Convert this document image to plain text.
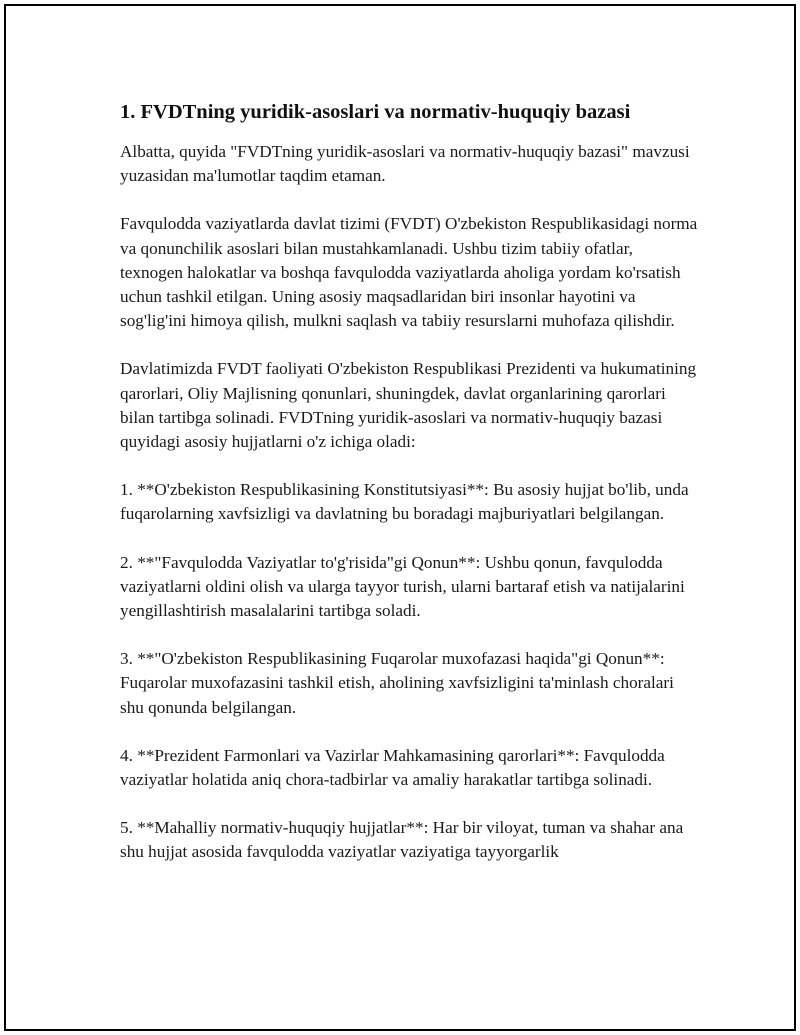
1. FVDTning yuridik-asoslari va normativ-huquqiy bazasi

Albatta, quyida "FVDTning yuridik-asoslari va normativ-huquqiy bazasi" mavzusi yuzasidan ma'lumotlar taqdim etaman.

Favqulodda vaziyatlarda davlat tizimi (FVDT) O'zbekiston Respublikasidagi norma va qonunchilik asoslari bilan mustahkamlanadi. Ushbu tizim tabiiy ofatlar, texnogen halokatlar va boshqa favqulodda vaziyatlarda aholiga yordam ko'rsatish uchun tashkil etilgan. Uning asosiy maqsadlaridan biri insonlar hayotini va sog'lig'ini himoya qilish, mulkni saqlash va tabiiy resurslarni muhofaza qilishdir.

Davlatimizda FVDT faoliyati O'zbekiston Respublikasi Prezidenti va hukumatining qarorlari, Oliy Majlisning qonunlari, shuningdek, davlat organlarining qarorlari bilan tartibga solinadi. FVDTning yuridik-asoslari va normativ-huquqiy bazasi quyidagi asosiy hujjatlarni o'z ichiga oladi:

1. **O'zbekiston Respublikasining Konstitutsiyasi**: Bu asosiy hujjat bo'lib, unda fuqarolarning xavfsizligi va davlatning bu boradagi majburiyatlari belgilangan.

2. **"Favqulodda Vaziyatlar to'g'risida"gi Qonun**: Ushbu qonun, favqulodda vaziyatlarni oldini olish va ularga tayyor turish, ularni bartaraf etish va natijalarini yengillashtirish masalalarini tartibga soladi.

3. **"O'zbekiston Respublikasining Fuqarolar muxofazasi haqida"gi Qonun**: Fuqarolar muxofazasini tashkil etish, aholining xavfsizligini ta'minlash choralari shu qonunda belgilangan.

4. **Prezident Farmonlari va Vazirlar Mahkamasining qarorlari**: Favqulodda vaziyatlar holatida aniq chora-tadbirlar va amaliy harakatlar tartibga solinadi.

5. **Mahalliy normativ-huquqiy hujjatlar**: Har bir viloyat, tuman va shahar ana shu hujjat asosida favqulodda vaziyatlar vaziyatiga tayyorgarlik
